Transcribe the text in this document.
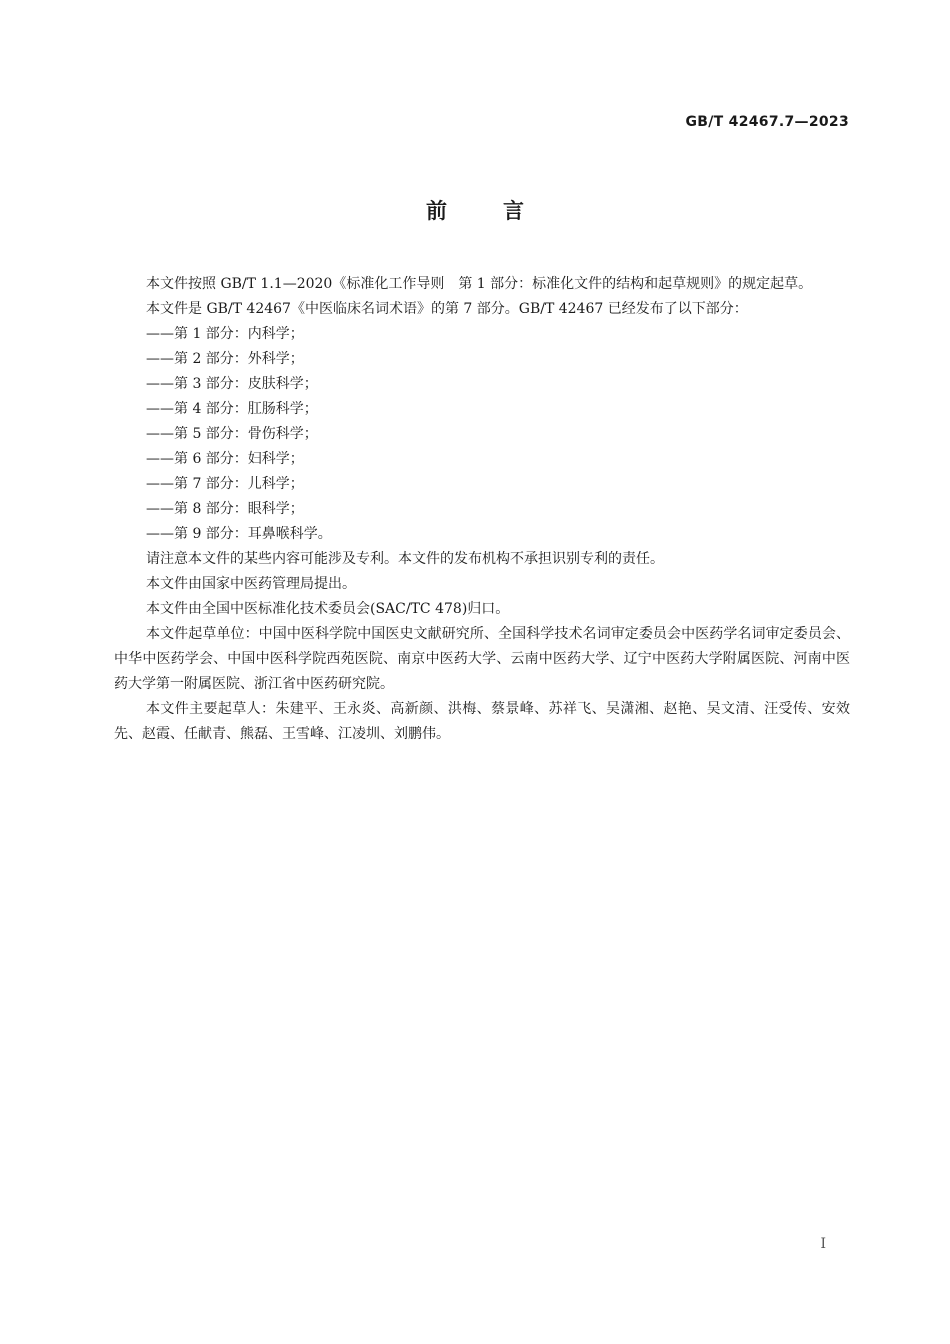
GB/T 42467.7—2023

前言

本文件按照 GB/T 1.1—2020《标准化工作导则　第 1 部分：标准化文件的结构和起草规则》的规定起草。

本文件是 GB/T 42467《中医临床名词术语》的第 7 部分。GB/T 42467 已经发布了以下部分：

——第 1 部分：内科学；
——第 2 部分：外科学；
——第 3 部分：皮肤科学；
——第 4 部分：肛肠科学；
——第 5 部分：骨伤科学；
——第 6 部分：妇科学；
——第 7 部分：儿科学；
——第 8 部分：眼科学；
——第 9 部分：耳鼻喉科学。

请注意本文件的某些内容可能涉及专利。本文件的发布机构不承担识别专利的责任。

本文件由国家中医药管理局提出。

本文件由全国中医标准化技术委员会(SAC/TC 478)归口。

本文件起草单位：中国中医科学院中国医史文献研究所、全国科学技术名词审定委员会中医药学名词审定委员会、中华中医药学会、中国中医科学院西苑医院、南京中医药大学、云南中医药大学、辽宁中医药大学附属医院、河南中医药大学第一附属医院、浙江省中医药研究院。

本文件主要起草人：朱建平、王永炎、高新颜、洪梅、蔡景峰、苏祥飞、吴潇湘、赵艳、吴文清、汪受传、安效先、赵霞、任献青、熊磊、王雪峰、江凌圳、刘鹏伟。

I
